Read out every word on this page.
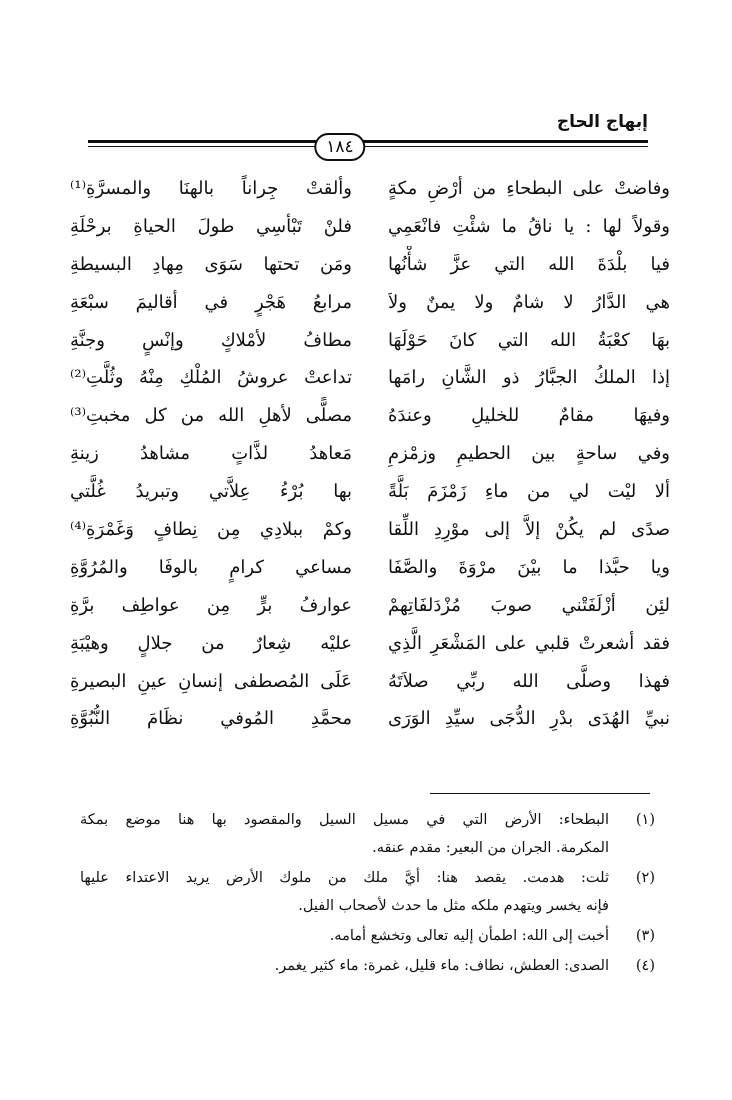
إبهاج الحاج
١٨٤
وفاضتْ على البطحاءِ من أرْضِ مكةٍ
وقولاً لها : يا ناقُ ما شئْتِ فانْعَمِي
فيا بلْدَةَ الله التي عزَّ شأْنُها
هي الدَّارُ لا شامٌ ولا يمنٌ ولاَ
بهَا كعْبَةُ الله التي كانَ حَوْلَهَا
إذا الملكُ الجبَّارُ ذو الشَّانِ رامَها
وفيهَا مقامٌ للخليلِ وعندَهُ
وفي ساحةٍ بين الحطيمِ وزمْزمِ
ألا ليْت لي من ماءِ زَمْزَمَ بَلَّةً
صدًى لم يكُنْ إلاَّ إلى موْرِدِ اللِّقا
ويا حبَّذا ما بيْنَ مرْوَةَ والصَّفَا
لئِن أزْلَفَتْني صوبَ مُزْدَلفَاتِهمْ
فقد أشعرتْ قلبي على المَشْعَرِ الَّذِي
فهذا وصلَّى الله ربِّي صلاَتَهُ
نبيِّ الهُدَى بدْرِ الدُّجَى سيِّدِ الوَرَى
وألقتْ جِراناً بالهنَا والمسرَّةِ⁽¹⁾
فلنْ تَبْأسِي طولَ الحياةِ برحْلَةِ
ومَن تحتها سَوَى مِهادِ البسيطةِ
مرابعُ هَجْرٍ في أقاليمَ سبْعَةِ
مطافُ لأمْلاكٍ وإنْسٍ وجنَّةِ
تداعتْ عروشُ المُلْكِ مِنْهُ وثُلَّتِ⁽²⁾
مصلًّى لأهلِ الله من كل مخبتِ⁽³⁾
مَعاهدُ لذَّاتٍ مشاهدُ زينةِ
بها بُرْءُ عِلاَّتي وتبريدُ غُلَّتي
وكمْ ببلادِي مِن نِطافٍ وَغَمْرَةِ⁽⁴⁾
مساعي كرامٍ بالوفَا والمُرُوَّةِ
عوارفُ برٍّ مِن عواطِف برَّةِ
عليْه شِعارٌ من جلالٍ وهيْبَةِ
عَلَى المُصطفى إنسانِ عينِ البصيرةِ
محمَّدِ المُوفي نظَامَ النُّبُوَّةِ
(١)
البطحاء: الأرض التي في مسيل السيل والمقصود بها هنا موضع بمكة
المكرمة. الجران من البعير: مقدم عنقه.
(٢)
ثلت: هدمت. يقصد هنا: أيَّ ملك من ملوك الأرض يريد الاعتداء عليها
فإنه يخسر ويتهدم ملكه مثل ما حدث لأصحاب الفيل.
(٣)
أخبت إلى الله: اطمأن إليه تعالى وتخشع أمامه.
(٤)
الصدى: العطش، نطاف: ماء قليل، غمرة: ماء كثير يغمر.
